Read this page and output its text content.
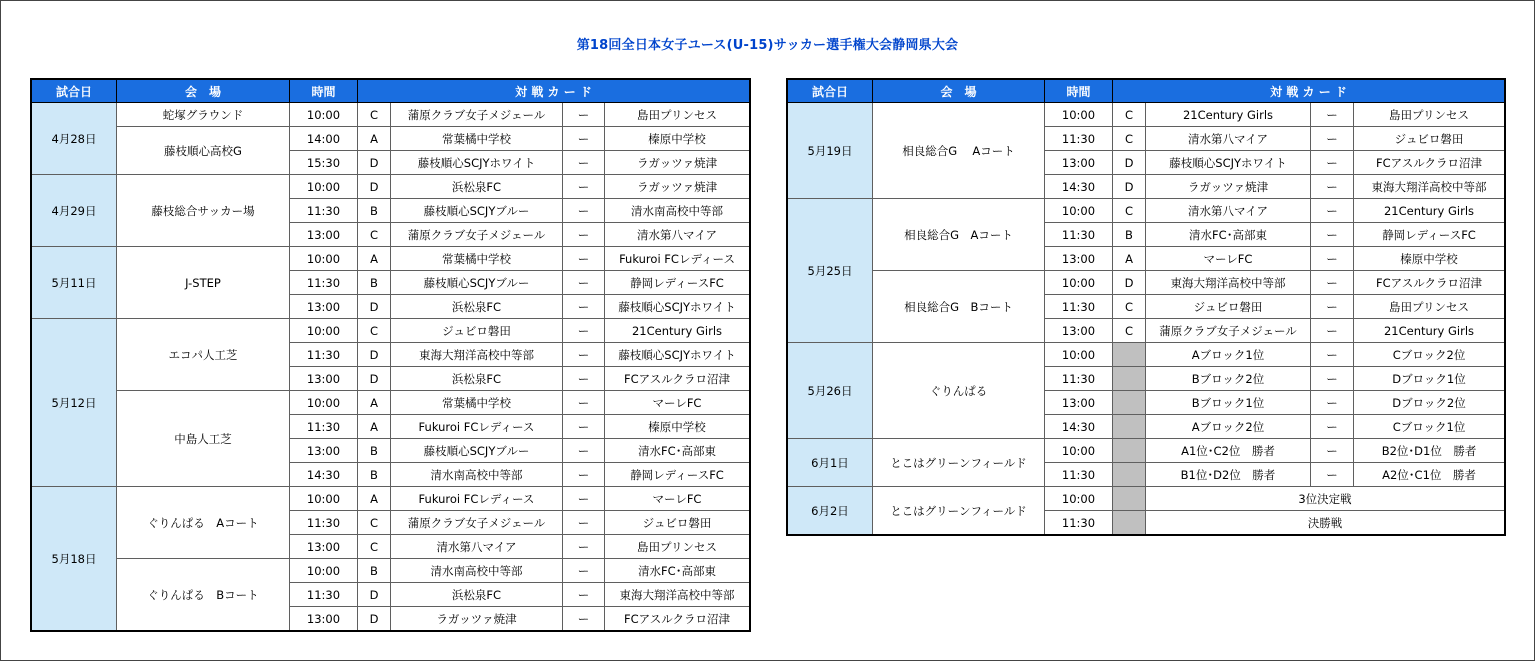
第18回全日本女子ユース(U-15)サッカー選手権大会静岡県大会
試合日	会　場	時間	対 戦 カ ー ド			
4月28日	蛇塚グラウンド	10:00	C	蒲原クラブ女子メジェール	ー	島田プリンセス
	藤枝順心高校G	14:00	A	常葉橘中学校	ー	榛原中学校
		15:30	D	藤枝順心SCJYホワイト	ー	ラガッツァ焼津
4月29日	藤枝総合サッカー場	10:00	D	浜松泉FC	ー	ラガッツァ焼津
		11:30	B	藤枝順心SCJYブルー	ー	清水南高校中等部
		13:00	C	蒲原クラブ女子メジェール	ー	清水第八マイア
5月11日	J-STEP	10:00	A	常葉橘中学校	ー	Fukuroi FCレディース
		11:30	B	藤枝順心SCJYブルー	ー	静岡レディースFC
		13:00	D	浜松泉FC	ー	藤枝順心SCJYホワイト
5月12日	エコパ人工芝	10:00	C	ジュビロ磐田	ー	21Century Girls
		11:30	D	東海大翔洋高校中等部	ー	藤枝順心SCJYホワイト
		13:00	D	浜松泉FC	ー	FCアスルクラロ沼津
	中島人工芝	10:00	A	常葉橘中学校	ー	マーレFC
		11:30	A	Fukuroi FCレディース	ー	榛原中学校
		13:00	B	藤枝順心SCJYブルー	ー	清水FC･高部東
		14:30	B	清水南高校中等部	ー	静岡レディースFC
5月18日	ぐりんぱる　Aコート	10:00	A	Fukuroi FCレディース	ー	マーレFC
		11:30	C	蒲原クラブ女子メジェール	ー	ジュビロ磐田
		13:00	C	清水第八マイア	ー	島田プリンセス
	ぐりんぱる　Bコート	10:00	B	清水南高校中等部	ー	清水FC･高部東
		11:30	D	浜松泉FC	ー	東海大翔洋高校中等部
		13:00	D	ラガッツァ焼津	ー	FCアスルクラロ沼津
試合日	会　場	時間	対 戦 カ ー ド			
5月19日	相良総合G　 Aコート	10:00	C	21Century Girls	ー	島田プリンセス
		11:30	C	清水第八マイア	ー	ジュビロ磐田
		13:00	D	藤枝順心SCJYホワイト	ー	FCアスルクラロ沼津
		14:30	D	ラガッツァ焼津	ー	東海大翔洋高校中等部
5月25日	相良総合G　Aコート	10:00	C	清水第八マイア	ー	21Century Girls
		11:30	B	清水FC･高部東	ー	静岡レディースFC
		13:00	A	マーレFC	ー	榛原中学校
	相良総合G　Bコート	10:00	D	東海大翔洋高校中等部	ー	FCアスルクラロ沼津
		11:30	C	ジュビロ磐田	ー	島田プリンセス
		13:00	C	蒲原クラブ女子メジェール	ー	21Century Girls
5月26日	ぐりんぱる	10:00		Aブロック1位	ー	Cブロック2位
		11:30		Bブロック2位	ー	Dブロック1位
		13:00		Bブロック1位	ー	Dブロック2位
		14:30		Aブロック2位	ー	Cブロック1位
6月1日	とこはグリーンフィールド	10:00		A1位･C2位　勝者	ー	B2位･D1位　勝者
		11:30		B1位･D2位　勝者	ー	A2位･C1位　勝者
6月2日	とこはグリーンフィールド	10:00		3位決定戦		
		11:30		決勝戦		
